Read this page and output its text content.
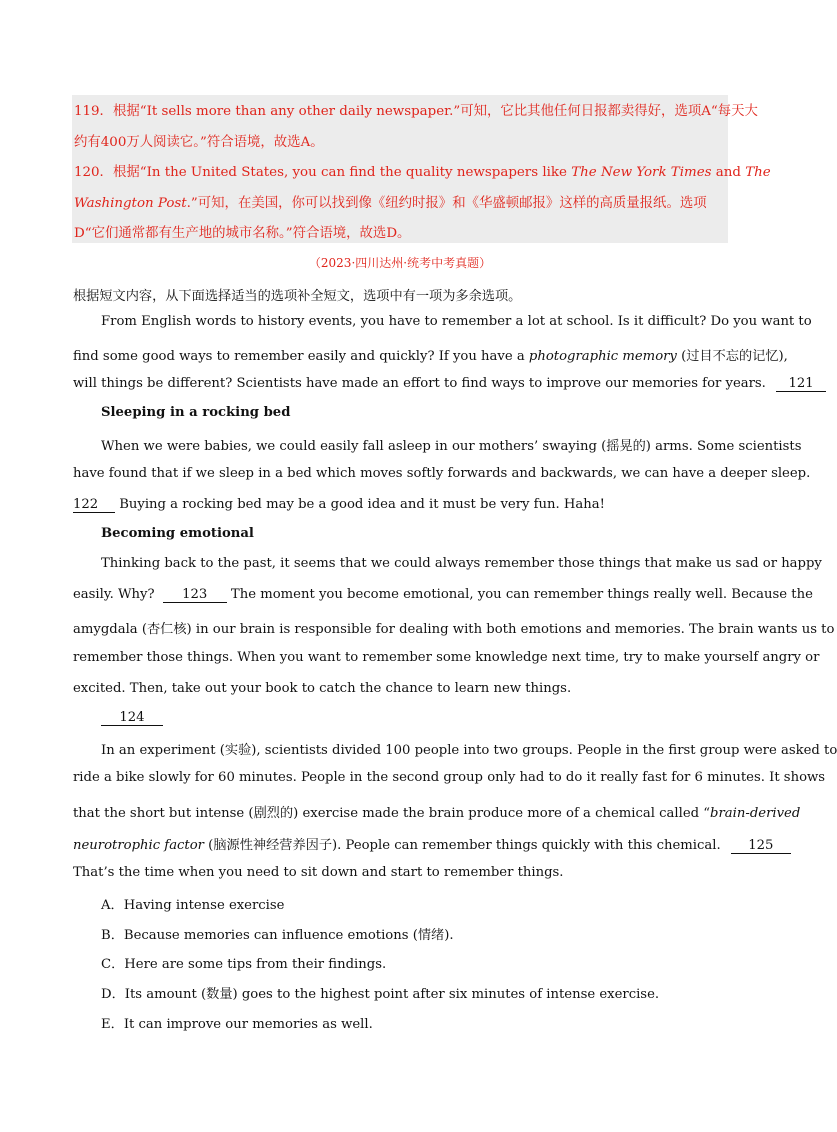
119．根据“It sells more than any other daily newspaper.”可知，它比其他任何日报都卖得好，选项A“每天大
约有400万人阅读它。”符合语境，故选A。
120．根据“In the United States, you can find the quality newspapers like The New York Times and The
Washington Post.”可知，在美国，你可以找到像《纽约时报》和《华盛顿邮报》这样的高质量报纸。选项
D“它们通常都有生产地的城市名称。”符合语境，故选D。
（2023·四川达州·统考中考真题）
根据短文内容，从下面选择适当的选项补全短文，选项中有一项为多余选项。
From English words to history events, you have to remember a lot at school. Is it difficult? Do you want to
find some good ways to remember easily and quickly? If you have a photographic memory (过目不忘的记忆),
will things be different? Scientists have made an effort to find ways to improve our memories for years. 121
Sleeping in a rocking bed
When we were babies, we could easily fall asleep in our mothers’ swaying (摇晃的) arms. Some scientists
have found that if we sleep in a bed which moves softly forwards and backwards, we can have a deeper sleep.
122 Buying a rocking bed may be a good idea and it must be very fun. Haha!
Becoming emotional
Thinking back to the past, it seems that we could always remember those things that make us sad or happy
easily. Why? 123 The moment you become emotional, you can remember things really well. Because the
amygdala (杏仁核) in our brain is responsible for dealing with both emotions and memories. The brain wants us to
remember those things. When you want to remember some knowledge next time, try to make yourself angry or
excited. Then, take out your book to catch the chance to learn new things.
124
In an experiment (实验), scientists divided 100 people into two groups. People in the first group were asked to
ride a bike slowly for 60 minutes. People in the second group only had to do it really fast for 6 minutes. It shows
that the short but intense (剧烈的) exercise made the brain produce more of a chemical called “brain-derived
neurotrophic factor (脑源性神经营养因子). People can remember things quickly with this chemical. 125
That’s the time when you need to sit down and start to remember things.
A．Having intense exercise
B．Because memories can influence emotions (情绪).
C．Here are some tips from their findings.
D．Its amount (数量) goes to the highest point after six minutes of intense exercise.
E．It can improve our memories as well.
